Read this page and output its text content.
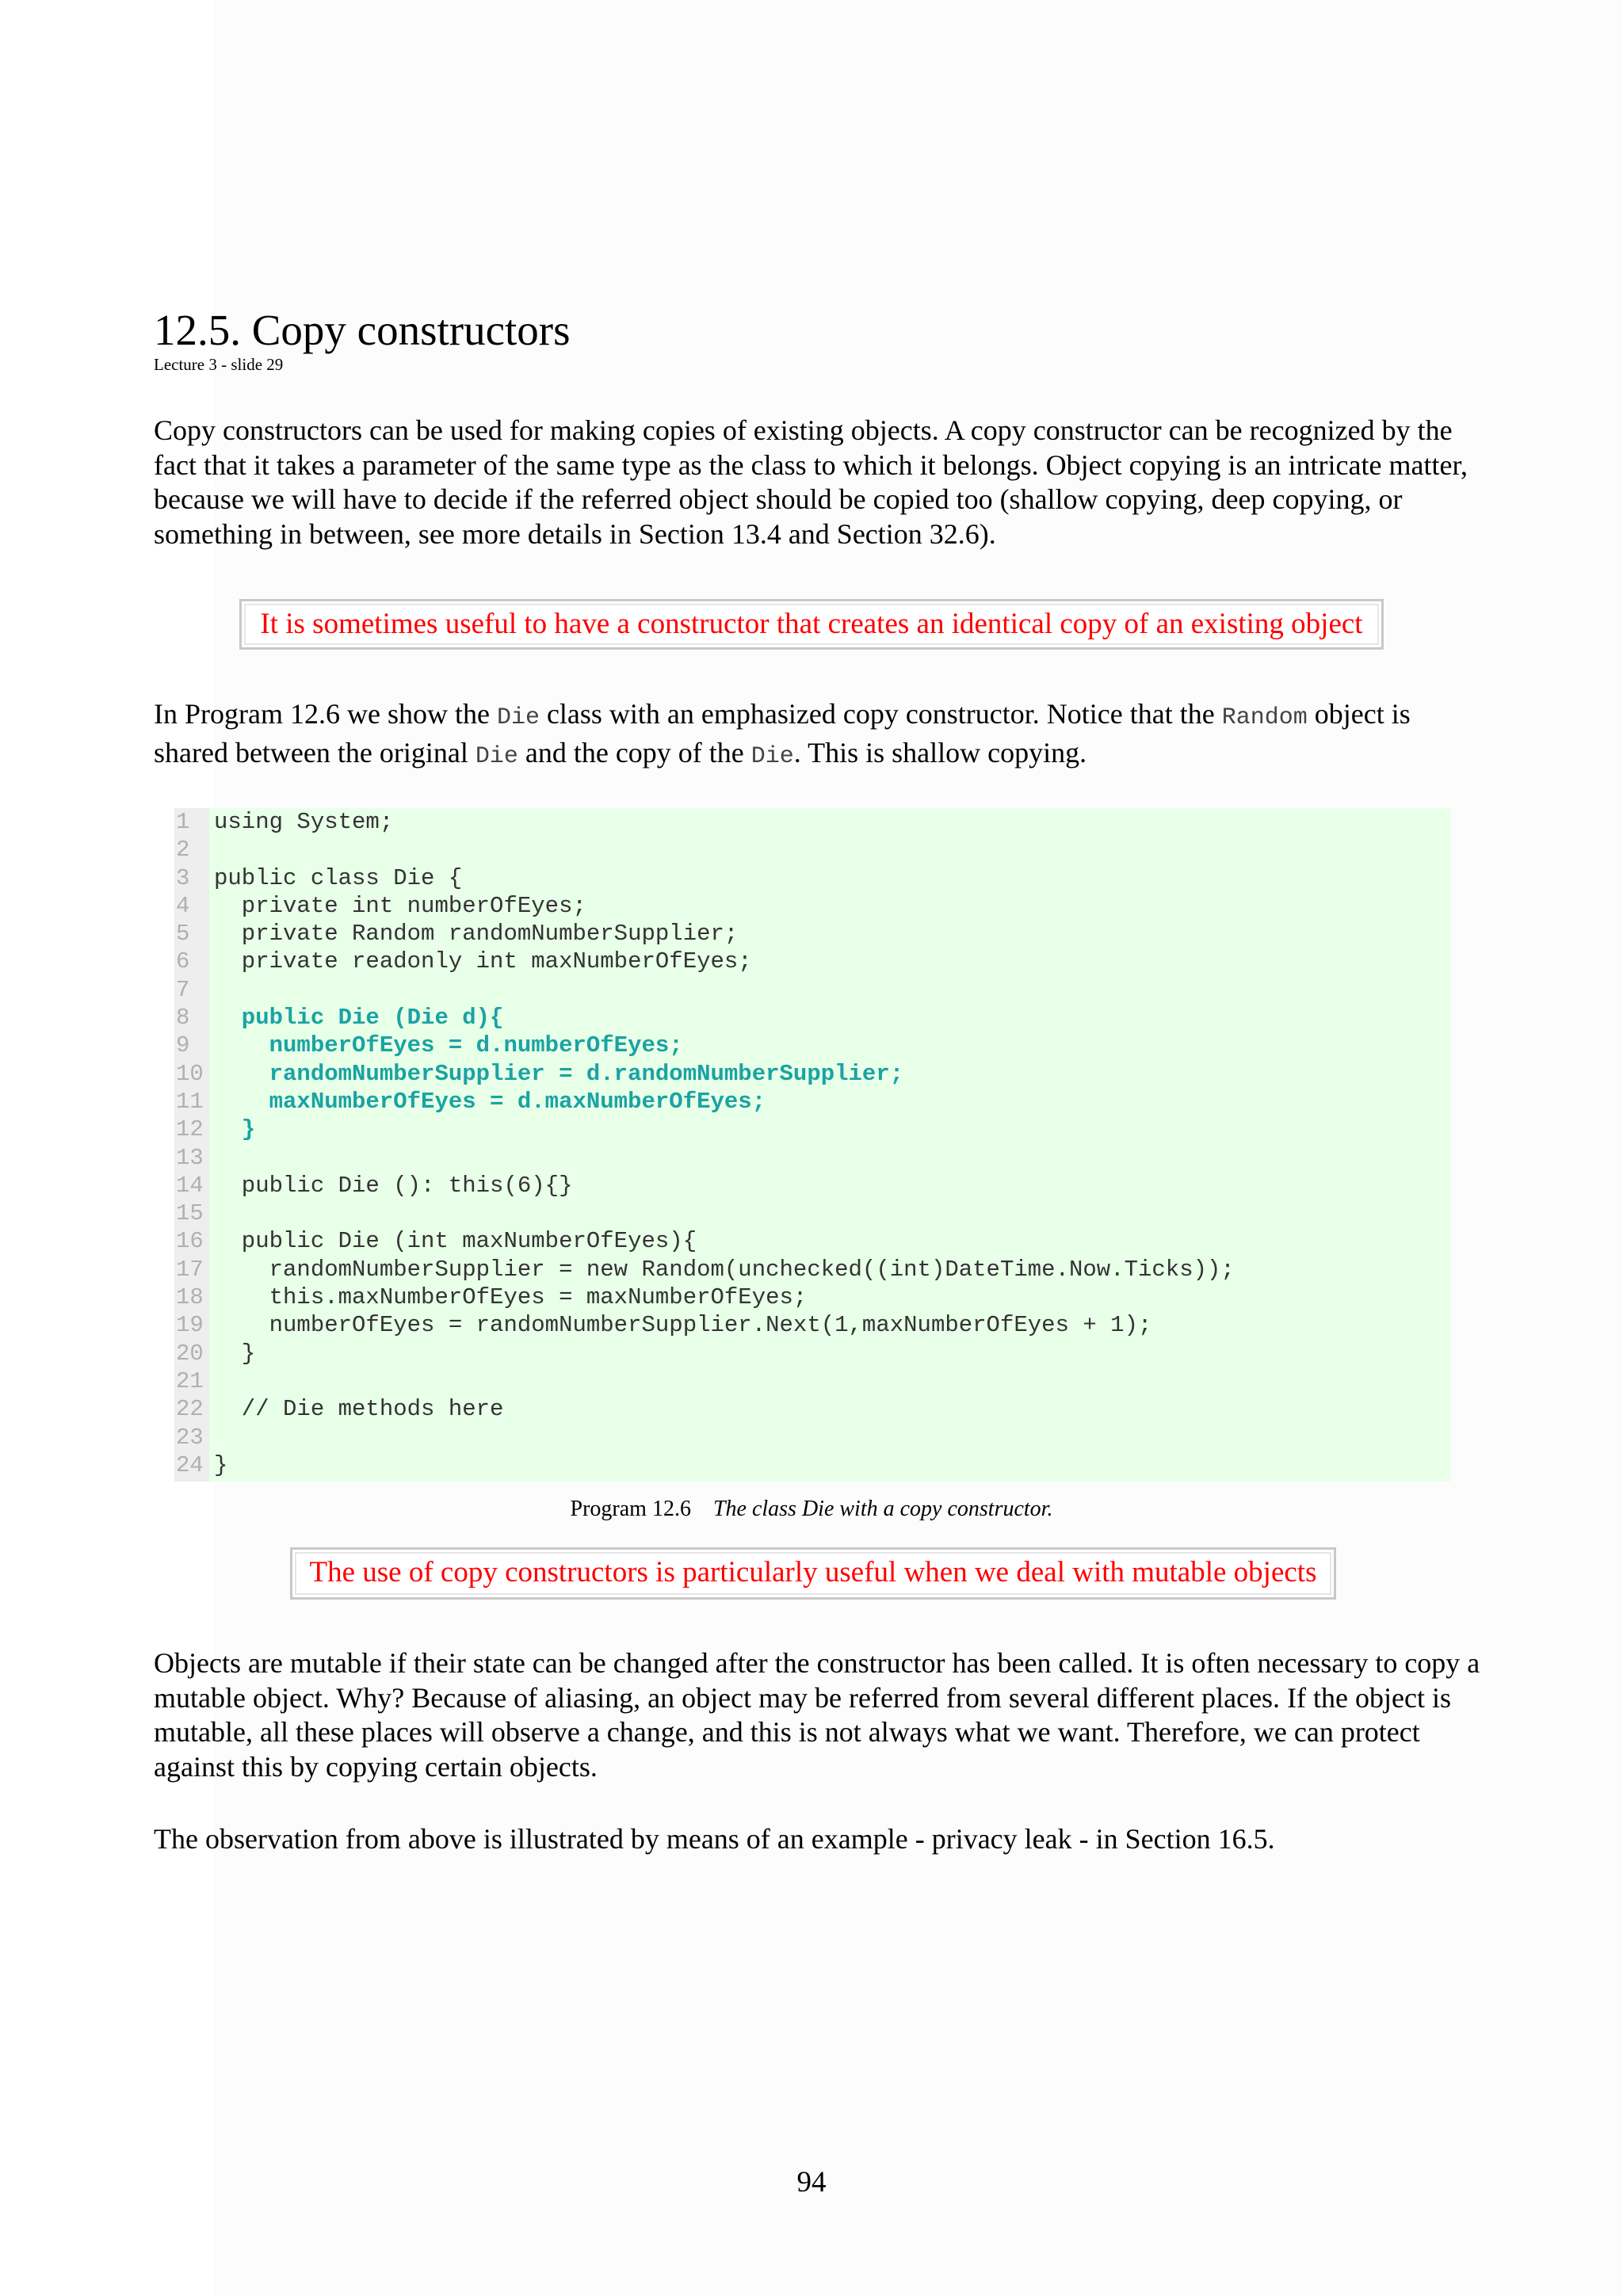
12.5. Copy constructors
Lecture 3 - slide 29

Copy constructors can be used for making copies of existing objects. A copy constructor can be recognized by the fact that it takes a parameter of the same type as the class to which it belongs. Object copying is an intricate matter, because we will have to decide if the referred object should be copied too (shallow copying, deep copying, or something in between, see more details in Section 13.4 and Section 32.6).

It is sometimes useful to have a constructor that creates an identical copy of an existing object

In Program 12.6 we show the Die class with an emphasized copy constructor. Notice that the Random object is shared between the original Die and the copy of the Die. This is shallow copying.

1	using System;
2
3	public class Die {
4	private int numberOfEyes;
5	private Random randomNumberSupplier;
6	private readonly int maxNumberOfEyes;
7
8	public Die (Die d){
9	numberOfEyes = d.numberOfEyes;
10 randomNumberSupplier = d.randomNumberSupplier;
11 maxNumberOfEyes = d.maxNumberOfEyes;
12 }
13
14 public Die (): this(6){}
15
16 public Die (int maxNumberOfEyes){
17 randomNumberSupplier = new Random(unchecked((int)DateTime.Now.Ticks));
18 this.maxNumberOfEyes = maxNumberOfEyes;
19 numberOfEyes = randomNumberSupplier.Next(1,maxNumberOfEyes + 1);
20 }
21
22 // Die methods here
23
24 }
Program 12.6 The class Die with a copy constructor.
The use of copy constructors is particularly useful when we deal with mutable objects

Objects are mutable if their state can be changed after the constructor has been called. It is often necessary to copy a mutable object. Why? Because of aliasing, an object may be referred from several different places. If the object is mutable, all these places will observe a change, and this is not always what we want. Therefore, we can protect against this by copying certain objects.

The observation from above is illustrated by means of an example - privacy leak - in Section 16.5.

94
